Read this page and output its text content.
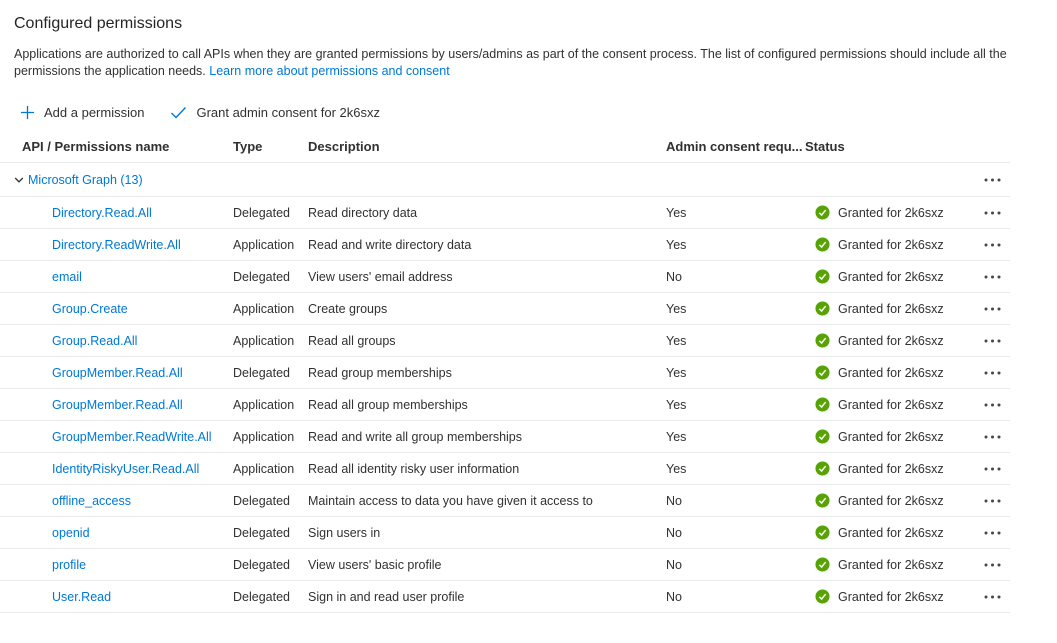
Configured permissions
Applications are authorized to call APIs when they are granted permissions by users/admins as part of the consent process. The list of configured permissions should include all the permissions the application needs. Learn more about permissions and consent
Add a permission	Grant admin consent for 2k6sxz
API / Permissions name	Type	Description	Admin consent requ... Status
Microsoft Graph (13)
Directory.Read.All	Delegated	Read directory data	Yes	Granted for 2k6sxz
Directory.ReadWrite.All	Application	Read and write directory data	Yes	Granted for 2k6sxz
email	Delegated	View users' email address	No	Granted for 2k6sxz
Group.Create	Application	Create groups	Yes	Granted for 2k6sxz
Group.Read.All	Application	Read all groups	Yes	Granted for 2k6sxz
GroupMember.Read.All	Delegated	Read group memberships	Yes	Granted for 2k6sxz
GroupMember.Read.All	Application	Read all group memberships	Yes	Granted for 2k6sxz
GroupMember.ReadWrite.All	Application	Read and write all group memberships	Yes	Granted for 2k6sxz
IdentityRiskyUser.Read.All	Application	Read all identity risky user information	Yes	Granted for 2k6sxz
offline_access	Delegated	Maintain access to data you have given it access to	No	Granted for 2k6sxz
openid	Delegated	Sign users in	No	Granted for 2k6sxz
profile	Delegated	View users' basic profile	No	Granted for 2k6sxz
User.Read	Delegated	Sign in and read user profile	No	Granted for 2k6sxz
